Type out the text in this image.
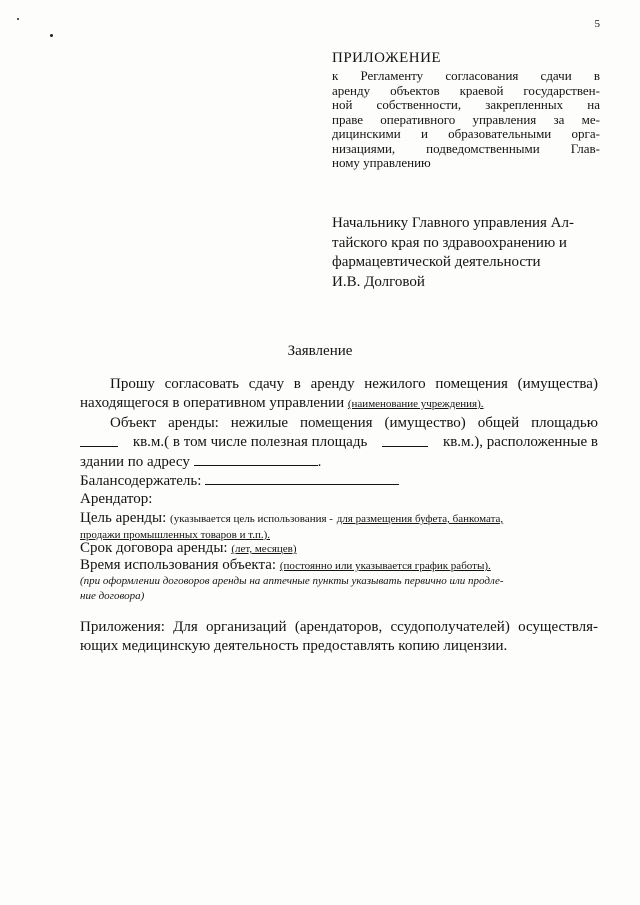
5
ПРИЛОЖЕНИЕ
к Регламенту согласования сдачи в
аренду объектов краевой государствен-
ной собственности, закрепленных на
праве оперативного управления за ме-
дицинскими и образовательными орга-
низациями, подведомственными Глав-
ному управлению
Начальнику Главного управления Ал-
тайского края по здравоохранению и
фармацевтической деятельности
И.В. Долговой
Заявление
Прошу согласовать сдачу в аренду нежилого помещения (имущества)
находящегося в оперативном управлении (наименование учреждения).
Объект аренды: нежилые помещения (имущество) общей площадью
кв.м.( в том числе полезная площадь	кв.м.), расположенные в
здании по адресу	.
Балансодержатель:
Арендатор:
Цель аренды: (указывается цель использования - для размещения буфета, банкомата,
продажи промышленных товаров и т.п.).
Срок договора аренды: (лет, месяцев)
Время использования объекта: (постоянно или указывается график работы).
(при оформлении договоров аренды на аптечные пункты указывать первично или продле-
ние договора)
Приложения: Для организаций (арендаторов, ссудополучателей) осуществля-
ющих медицинскую деятельность предоставлять копию лицензии.
